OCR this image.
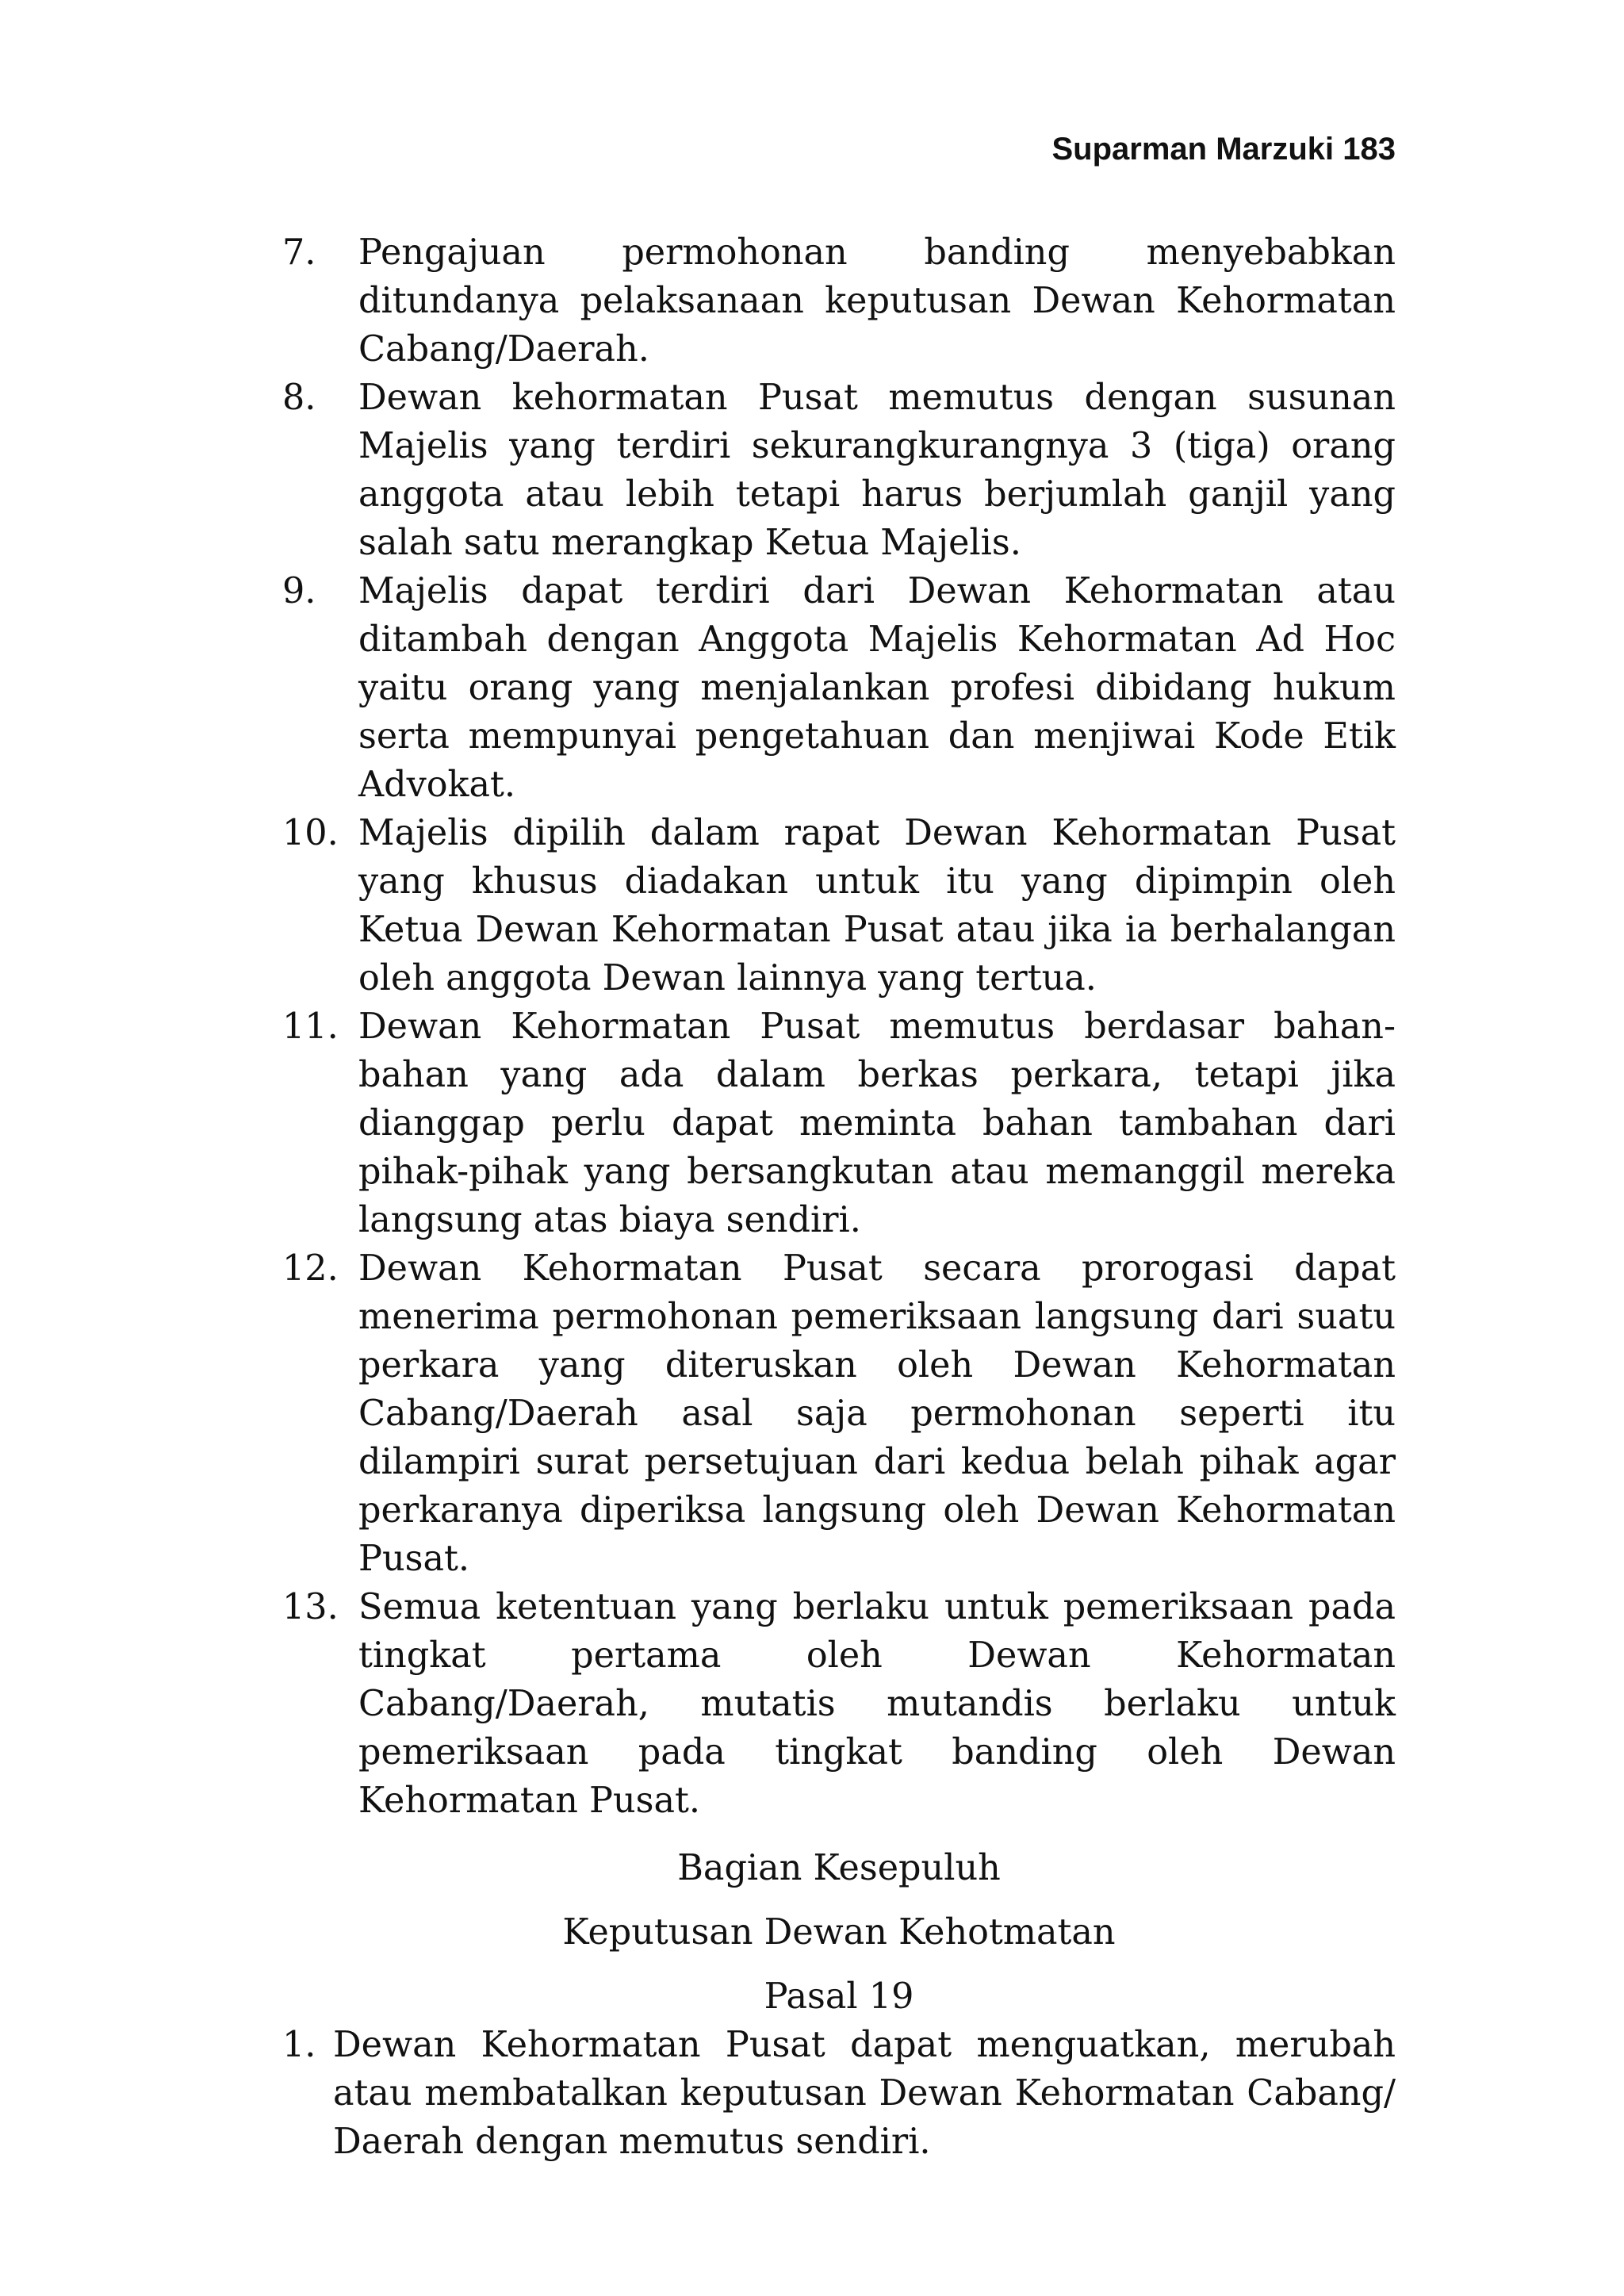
Suparman Marzuki 183
7. Pengajuan permohonan banding menyebabkan ditundanya pelaksanaan keputusan Dewan Kehormatan Cabang/Daerah.
8. Dewan kehormatan Pusat memutus dengan susunan Majelis yang terdiri sekurangkurangnya 3 (tiga) orang anggota atau lebih tetapi harus berjumlah ganjil yang salah satu merangkap Ketua Majelis.
9. Majelis dapat terdiri dari Dewan Kehormatan atau ditambah dengan Anggota Majelis Kehormatan Ad Hoc yaitu orang yang menjalankan profesi dibidang hukum serta mempunyai pengetahuan dan menjiwai Kode Etik Advokat.
10. Majelis dipilih dalam rapat Dewan Kehormatan Pusat yang khusus diadakan untuk itu yang dipimpin oleh Ketua Dewan Kehormatan Pusat atau jika ia berhalangan oleh anggota Dewan lainnya yang tertua.
11. Dewan Kehormatan Pusat memutus berdasar bahan-bahan yang ada dalam berkas perkara, tetapi jika dianggap perlu dapat meminta bahan tambahan dari pihak-pihak yang bersangkutan atau memanggil mereka langsung atas biaya sendiri.
12. Dewan Kehormatan Pusat secara prorogasi dapat menerima permohonan pemeriksaan langsung dari suatu perkara yang diteruskan oleh Dewan Kehormatan Cabang/Daerah asal saja permohonan seperti itu dilampiri surat persetujuan dari kedua belah pihak agar perkaranya diperiksa langsung oleh Dewan Kehormatan Pusat.
13. Semua ketentuan yang berlaku untuk pemeriksaan pada tingkat pertama oleh Dewan Kehormatan Cabang/Daerah, mutatis mutandis berlaku untuk pemeriksaan pada tingkat banding oleh Dewan Kehormatan Pusat.

Bagian Kesepuluh

Keputusan Dewan Kehotmatan

Pasal 19

1. Dewan Kehormatan Pusat dapat menguatkan, merubah atau membatalkan keputusan Dewan Kehormatan Cabang/ Daerah dengan memutus sendiri.
